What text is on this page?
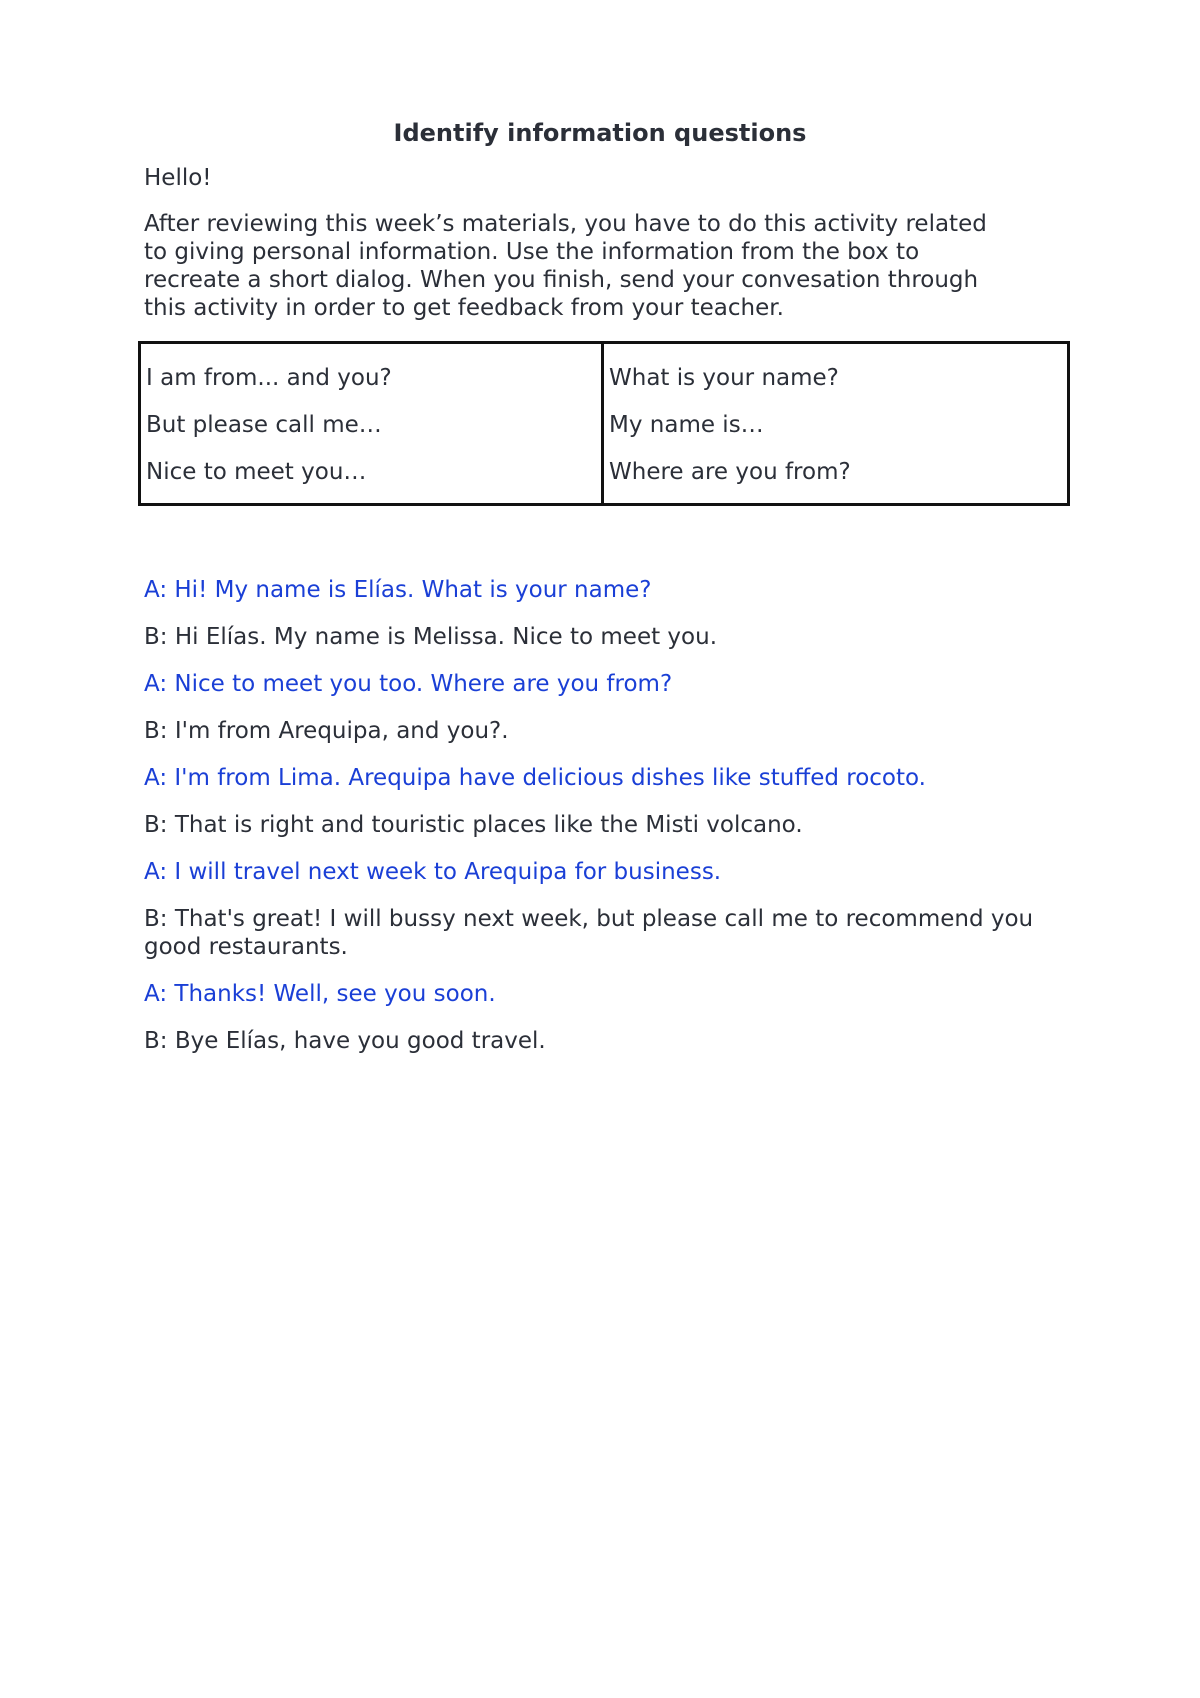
Identify information questions
Hello!
After reviewing this week’s materials, you have to do this activity related
to giving personal information. Use the information from the box to
recreate a short dialog. When you finish, send your convesation through
this activity in order to get feedback from your teacher.
I am from... and you?
But please call me…
Nice to meet you…
What is your name?
My name is…
Where are you from?
A: Hi! My name is Elías. What is your name?
B: Hi Elías. My name is Melissa. Nice to meet you.
A: Nice to meet you too. Where are you from?
B: I'm from Arequipa, and you?.
A: I'm from Lima. Arequipa have delicious dishes like stuffed rocoto.
B: That is right and touristic places like the Misti volcano.
A: I will travel next week to Arequipa for business.
B: That's great! I will bussy next week, but please call me to recommend you good restaurants.
A: Thanks! Well, see you soon.
B: Bye Elías, have you good travel.
